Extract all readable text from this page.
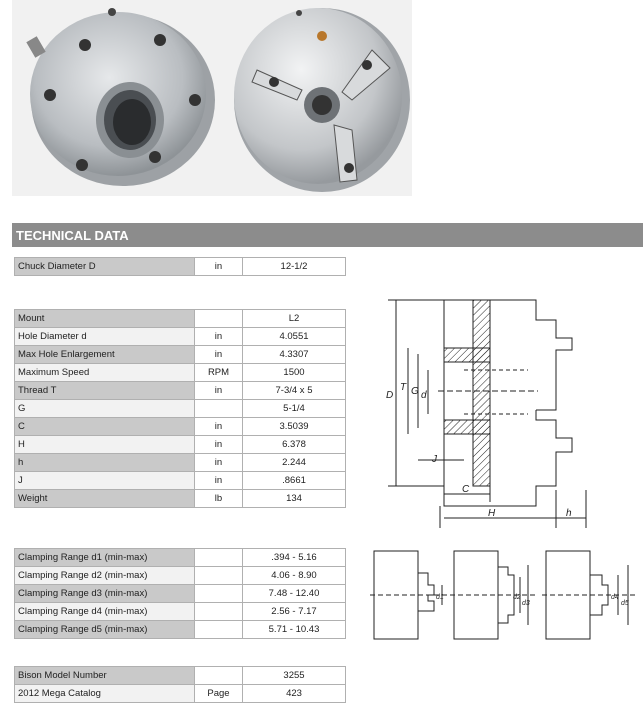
TECHNICAL DATA
Chuck Diameter D	in	12-1/2
Mount		L2
Hole Diameter d	in	4.0551
Max Hole Enlargement	in	4.3307
Maximum Speed	RPM	1500
Thread T	in	7-3/4 x 5
G		5-1/4
C	in	3.5039
H	in	6.378
h	in	2.244
J	in	.8661
Weight	lb	134
Clamping Range d1 (min-max)		.394 - 5.16
Clamping Range d2 (min-max)		4.06 - 8.90
Clamping Range d3 (min-max)		7.48 - 12.40
Clamping Range d4 (min-max)		2.56 - 7.17
Clamping Range d5 (min-max)		5.71 - 10.43
Bison Model Number		3255
2012 Mega Catalog	Page	423
D
T G d
J
C
H	h
d1	d2
d3
d4
d5
